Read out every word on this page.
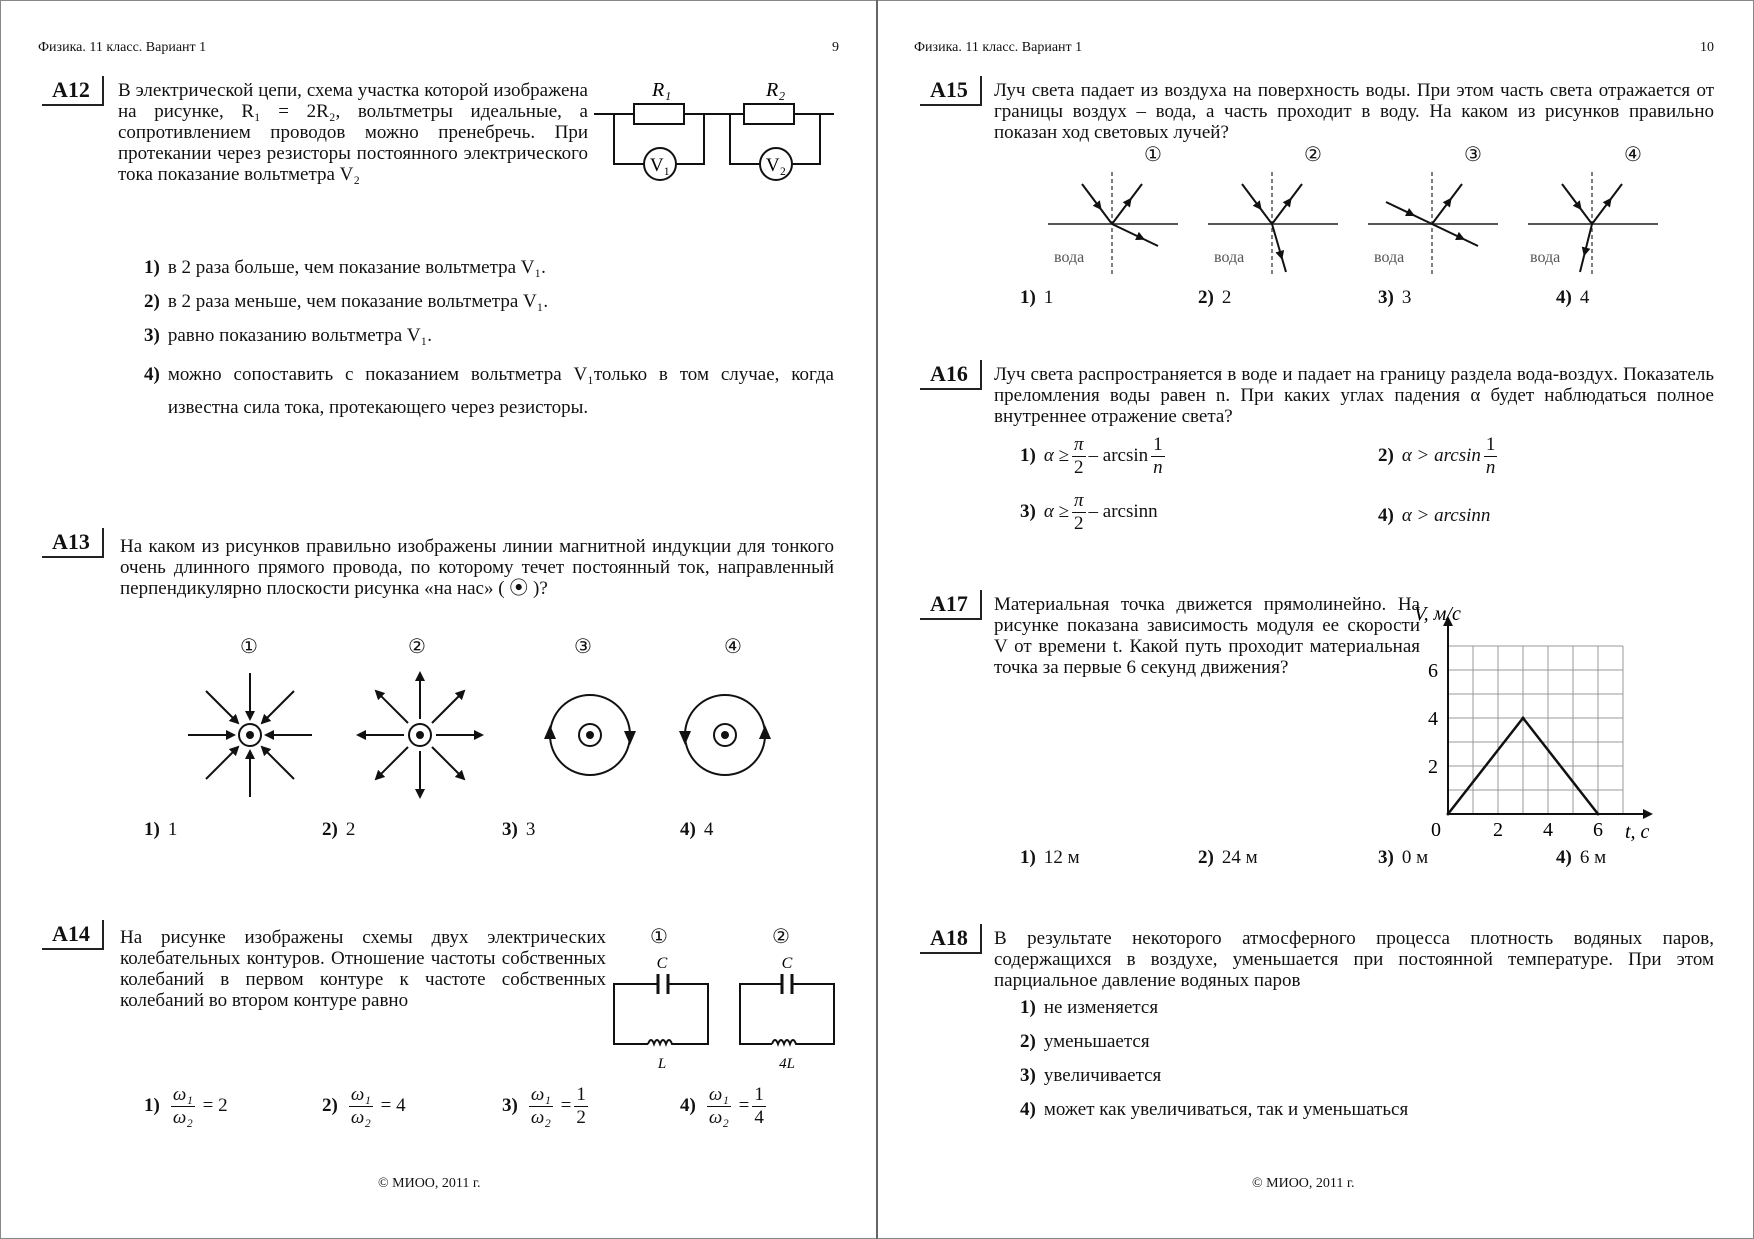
Физика. 11 класс. Вариант 1	9
A12	В электрической цепи, схема участка которой изображена на рисунке, R₁ = 2R₂, вольтметры идеальные, а сопротивлением проводов можно пренебречь. При протекании через резисторы постоянного электрического тока показание вольтметра V₂
R₁	R₂
V₁	V₂
1) в 2 раза больше, чем показание вольтметра V₁.
2) в 2 раза меньше, чем показание вольтметра V₁.
3) равно показанию вольтметра V₁.
4) можно сопоставить с показанием вольтметра V₁только в том случае, когда известна сила тока, протекающего через резисторы.
A13	На каком из рисунков правильно изображены линии магнитной индукции для тонкого очень длинного прямого провода, по которому течет постоянный ток, направленный перпендикулярно плоскости рисунка «на нас» ( ⦿ )?
①	②	③	④
1) 1	2) 2	3) 3	4) 4
A14	На рисунке изображены схемы двух электрических колебательных контуров. Отношение частоты собственных колебаний в первом контуре к частоте собственных колебаний во втором контуре равно
①	②
C
L
C
4L
$1) \frac{\text{ω₁}}{\text{ω₂}} = 2$	$2) \frac{\text{ω₁}}{\text{ω₂}} = 4$	$3) \frac{\text{ω₁}}{\text{ω₂}} = \frac{1}{2}$	$4) \frac{\text{ω₁}}{\text{ω₂}} = \frac{1}{4}$
© МИОО, 2011 г.
Физика. 11 класс. Вариант 1	10
A15	Луч света падает из воздуха на поверхность воды. При этом часть света отражается от границы воздух – вода, а часть проходит в воду. На каком из рисунков правильно показан ход световых лучей?
①	②	③	④
вода	вода	вода	вода
1) 1	2) 2	3) 3	4) 4
A16	Луч света распространяется в воде и падает на границу раздела вода-воздух. Показатель преломления воды равен n. При каких углах падения α будет наблюдаться полное внутреннее отражение света?
1) $\alpha \ge \frac{\pi}{2} - \arcsin \frac{1}{n}$	2) $\alpha > \arcsin \frac{1}{n}$
3) $\alpha \ge \frac{\pi}{2} - \arcsin n$	4) α > arcsinn
A17	Материальная точка движется прямолинейно. На рисунке показана зависимость модуля ее скорости V от времени t. Какой путь проходит материальная точка за первые 6 секунд движения?
0	2 4 6
2
4
6
V, м/с
t, с
1) 12 м	2) 24 м	3) 0 м	4) 6 м
A18	В результате некоторого атмосферного процесса плотность водяных паров, содержащихся в воздухе, уменьшается при постоянной температуре. При этом парциальное давление водяных паров
1) не изменяется
2) уменьшается
3) увеличивается
4) может как увеличиваться, так и уменьшаться
© МИОО, 2011 г.
